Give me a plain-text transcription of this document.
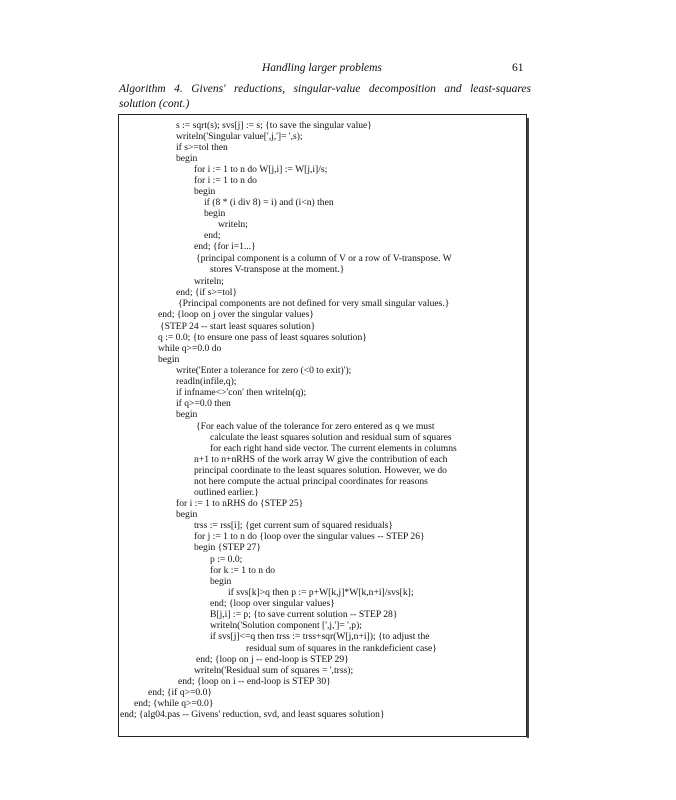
Handling larger problems	61
Algorithm 4. Givens' reductions, singular-value decomposition and least-squares solution (cont.)
s := sqrt(s); svs[j] := s; {to save the singular value}
writeln('Singular value[',j,']= ',s);
if s>=tol then
begin
for i := 1 to n do W[j,i] := W[j,i]/s;
for i := 1 to n do
begin
if (8 * (i div 8) = i) and (i<n) then
begin
writeln;
end;
end; {for i=1...}
{principal component is a column of V or a row of V-transpose. W
stores V-transpose at the moment.}
writeln;
end; {if s>=tol}
{Principal components are not defined for very small singular values.}
end; {loop on j over the singular values}
{STEP 24 -- start least squares solution}
q := 0.0; {to ensure one pass of least squares solution}
while q>=0.0 do
begin
write('Enter a tolerance for zero (<0 to exit)');
readln(infile,q);
if infname<>'con' then writeln(q);
if q>=0.0 then
begin
{For each value of the tolerance for zero entered as q we must
calculate the least squares solution and residual sum of squares
for each right hand side vector. The current elements in columns
n+1 to n+nRHS of the work array W give the contribution of each
principal coordinate to the least squares solution. However, we do
not here compute the actual principal coordinates for reasons
outlined earlier.}
for i := 1 to nRHS do {STEP 25}
begin
trss := rss[i]; {get current sum of squared residuals}
for j := 1 to n do {loop over the singular values -- STEP 26}
begin {STEP 27}
p := 0.0;
for k := 1 to n do
begin
if svs[k]>q then p := p+W[k,j]*W[k,n+i]/svs[k];
end; {loop over singular values}
B[j,i] := p; {to save current solution -- STEP 28}
writeln('Solution component [',j,']= ',p);
if svs[j]<=q then trss := trss+sqr(W[j,n+i]); {to adjust the
residual sum of squares in the rankdeficient case}
end; {loop on j -- end-loop is STEP 29}
writeln('Residual sum of squares = ',trss);
end; {loop on i -- end-loop is STEP 30}
end; {if q>=0.0}
end; {while q>=0.0}
end; {alg04.pas -- Givens' reduction, svd, and least squares solution}
